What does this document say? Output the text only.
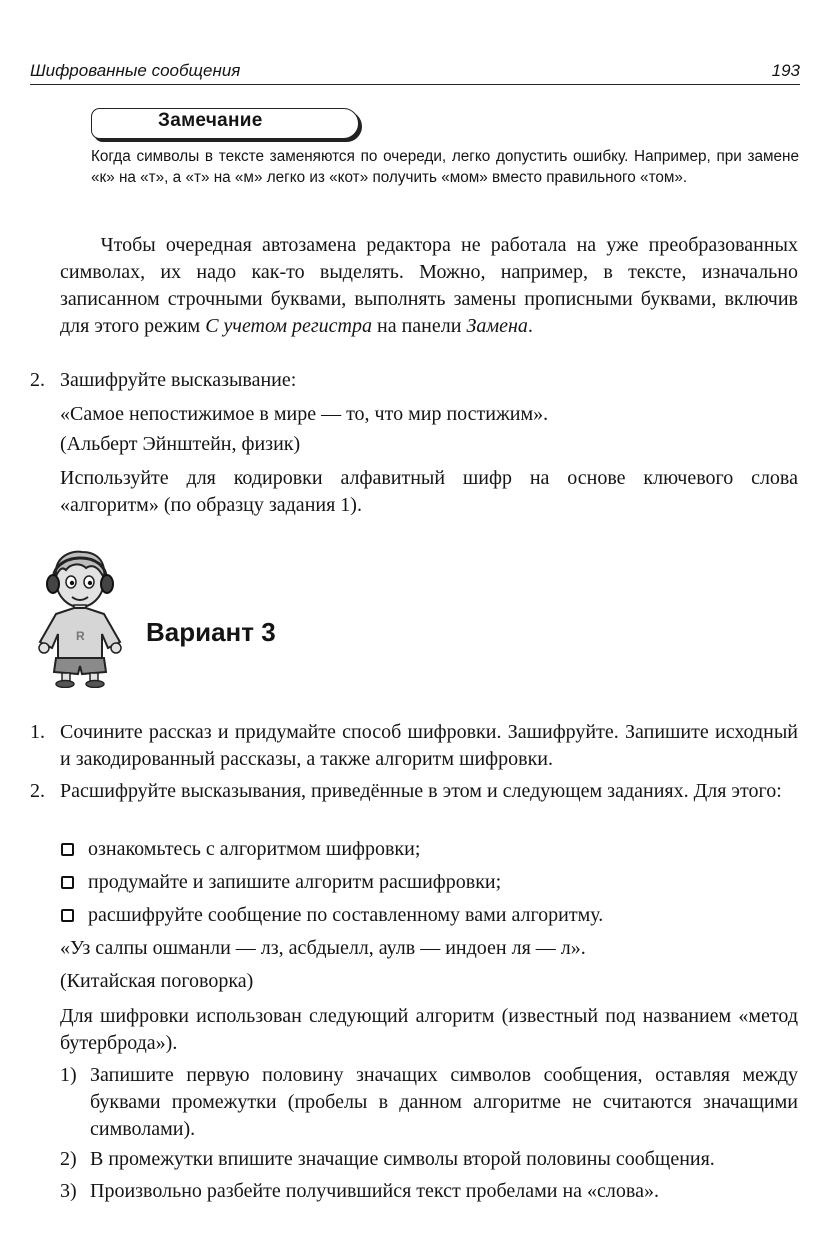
Шифрованные сообщения	193
Замечание
Когда символы в тексте заменяются по очереди, легко допустить ошибку. Например, при замене «к» на «т», а «т» на «м» легко из «кот» получить «мом» вместо правильного «том».
Чтобы очередная автозамена редактора не работала на уже преобразованных символах, их надо как-то выделять. Можно, например, в тексте, изначально записанном строчными буквами, выполнять замены прописными буквами, включив для этого режим С учетом регистра на панели Замена.
2. Зашифруйте высказывание:
«Самое непостижимое в мире — то, что мир постижим».
(Альберт Эйнштейн, физик)
Используйте для кодировки алфавитный шифр на основе ключевого слова «алгоритм» (по образцу задания 1).
R Вариант 3
1. Сочините рассказ и придумайте способ шифровки. Зашифруйте. Запишите исходный и закодированный рассказы, а также алгоритм шифровки.
2. Расшифруйте высказывания, приведённые в этом и следующем заданиях. Для этого:
ознакомьтесь с алгоритмом шифровки;
продумайте и запишите алгоритм расшифровки;
расшифруйте сообщение по составленному вами алгоритму.
«Уз салпы ошманли — лз, асбдыелл, аулв — индоен ля — л».
(Китайская поговорка)
Для шифровки использован следующий алгоритм (известный под названием «метод бутерброда»).
1) Запишите первую половину значащих символов сообщения, оставляя между буквами промежутки (пробелы в данном алгоритме не считаются значащими символами).
2) В промежутки впишите значащие символы второй половины сообщения.
3) Произвольно разбейте получившийся текст пробелами на «слова».
